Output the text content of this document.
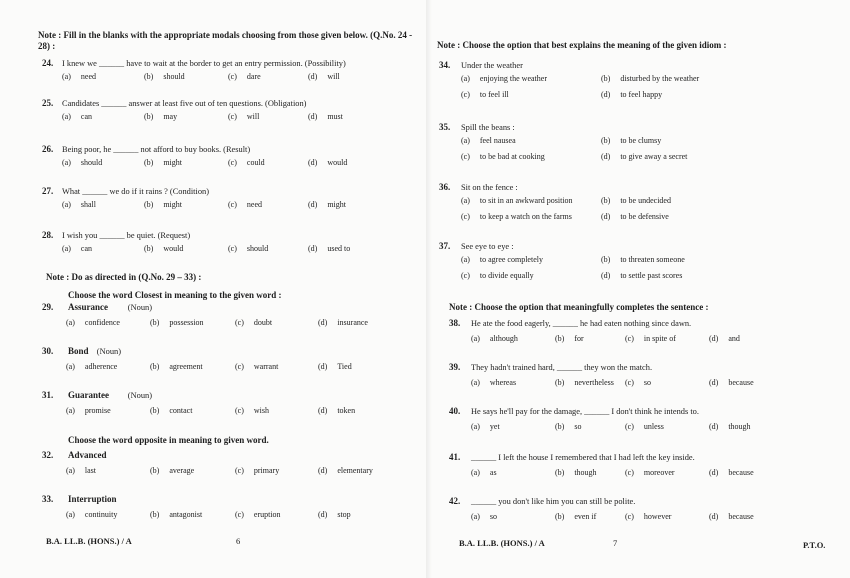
Note : Fill in the blanks with the appropriate modals choosing from those given below. (Q.No. 24 - 28) :
24. I knew we ______ have to wait at the border to get an entry permission. (Possibility)
(a) need	(b) should	(c) dare	(d) will
25. Candidates ______ answer at least five out of ten questions. (Obligation)
(a) can	(b) may	(c) will	(d) must
26. Being poor, he ______ not afford to buy books. (Result)
(a) should	(b) might	(c) could	(d) would
27. What ______ we do if it rains ? (Condition)
(a) shall	(b) might	(c) need	(d) might
28. I wish you ______ be quiet. (Request)
(a) can	(b) would	(c) should	(d) used to
Note : Do as directed in (Q.No. 29 – 33) :
Choose the word Closest in meaning to the given word :
29. Assurance (Noun)
(a) confidence	(b) possession	(c) doubt	(d) insurance
30. Bond (Noun)
(a) adherence	(b) agreement	(c) warrant	(d) Tied
31. Guarantee (Noun)
(a) promise	(b) contact	(c) wish	(d) token
Choose the word opposite in meaning to given word.
32. Advanced
(a) last	(b) average	(c) primary	(d) elementary
33. Interruption
(a) continuity	(b) antagonist	(c) eruption	(d) stop
B.A. LL.B. (HONS.) / A	6
Note : Choose the option that best explains the meaning of the given idiom :
34. Under the weather
(a) enjoying the weather	(b) disturbed by the weather
(c) to feel ill	(d) to feel happy
35. Spill the beans :
(a) feel nausea	(b) to be clumsy
(c) to be bad at cooking	(d) to give away a secret
36. Sit on the fence :
(a) to sit in an awkward position	(b) to be undecided
(c) to keep a watch on the farms	(d) to be defensive
37. See eye to eye :
(a) to agree completely	(b) to threaten someone
(c) to divide equally	(d) to settle past scores
Note : Choose the option that meaningfully completes the sentence :
38. He ate the food eagerly, ______ he had eaten nothing since dawn.
(a) although	(b) for	(c) in spite of	(d) and
39. They hadn't trained hard, ______ they won the match.
(a) whereas	(b) nevertheless (c) so	(d) because
40. He says he'll pay for the damage, ______ I don't think he intends to.
(a) yet	(b) so	(c) unless	(d) though
41. ______ I left the house I remembered that I had left the key inside.
(a) as	(b) though	(c) moreover	(d) because
42. ______ you don't like him you can still be polite.
(a) so	(b) even if	(c) however	(d) because
B.A. LL.B. (HONS.) / A	7	P.T.O.
